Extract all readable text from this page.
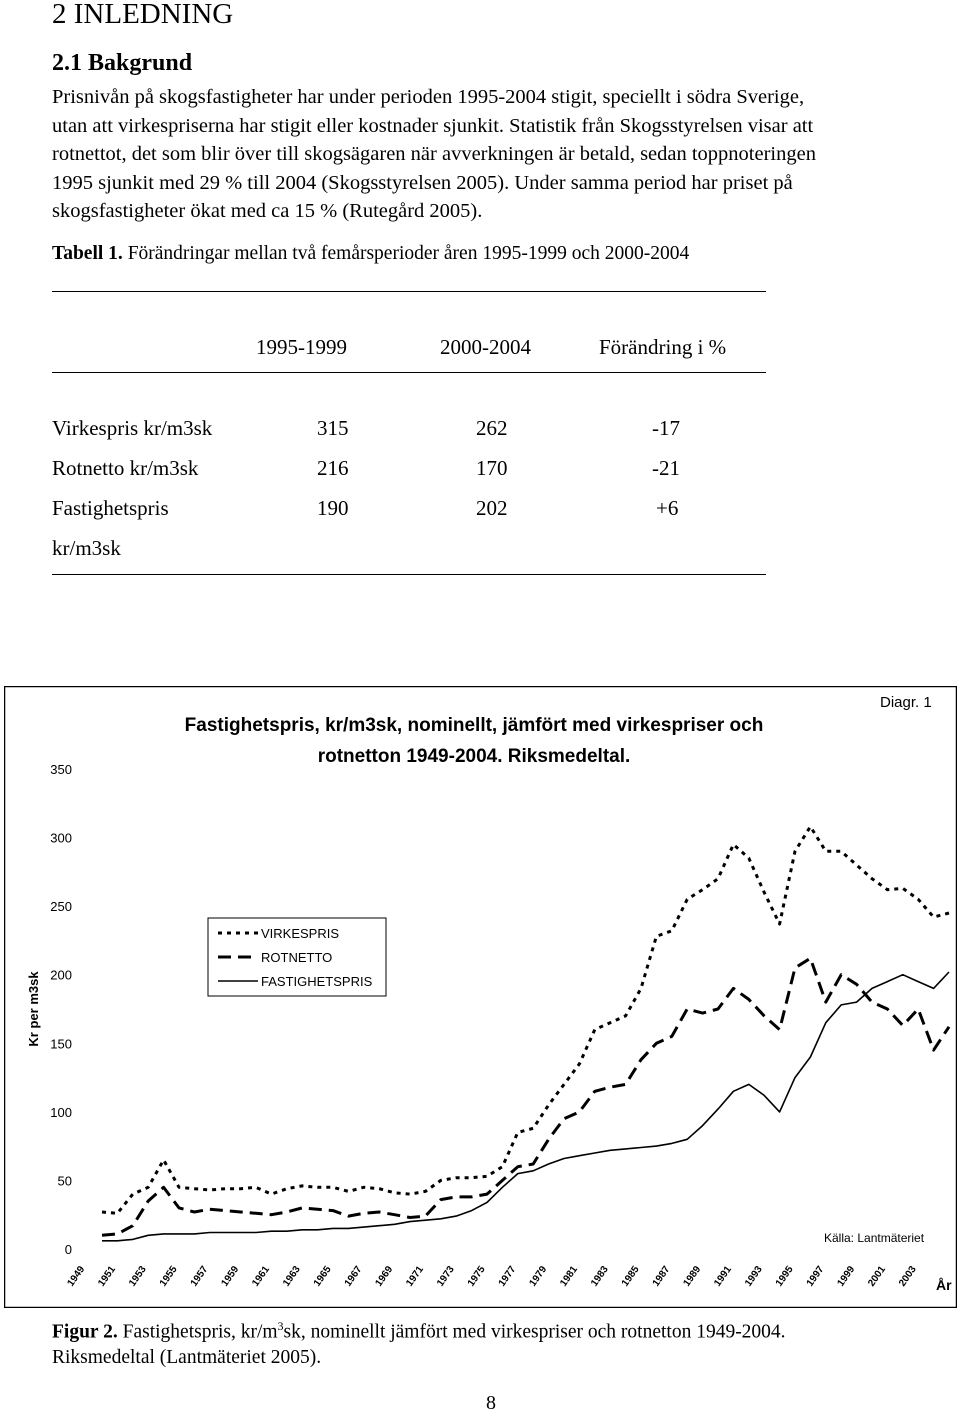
2 INLEDNING
2.1 Bakgrund
Prisnivån på skogsfastigheter har under perioden 1995-2004 stigit, speciellt i södra Sverige,
utan att virkespriserna har stigit eller kostnader sjunkit. Statistik från Skogsstyrelsen visar att
rotnettot, det som blir över till skogsägaren när avverkningen är betald, sedan toppnoteringen
1995 sjunkit med 29 % till 2004 (Skogsstyrelsen 2005). Under samma period har priset på
skogsfastigheter ökat med ca 15 % (Rutegård 2005).
Tabell 1. Förändringar mellan två femårsperioder åren 1995-1999 och 2000-2004
1995-1999	2000-2004	Förändring i %
Virkespris kr/m3sk	315	262	-17
Rotnetto kr/m3sk	216	170	-21
Fastighetspris	190	202	+6
kr/m3sk
Diagr. 1
Fastighetspris, kr/m3sk, nominellt, jämfört med virkespriser och
rotnetton 1949-2004. Riksmedeltal.
0
50
100
150
200
250
300
350
Kr per m3sk
1949 1951 1953 1955 1957 1959 1961 1963 1965 1967 1969 1971 1973 1975 1977 1979 1981 1983 1985 1987 1989 1991 1993 1995 1997 1999 2001 2003 År
Källa: Lantmäteriet
VIRKESPRIS
ROTNETTO
FASTIGHETSPRIS
Figur 2. Fastighetspris, $kr/m^3sk$, nominellt jämfört med virkespriser och rotnetton 1949-2004.
Riksmedeltal (Lantmäteriet 2005).
8
